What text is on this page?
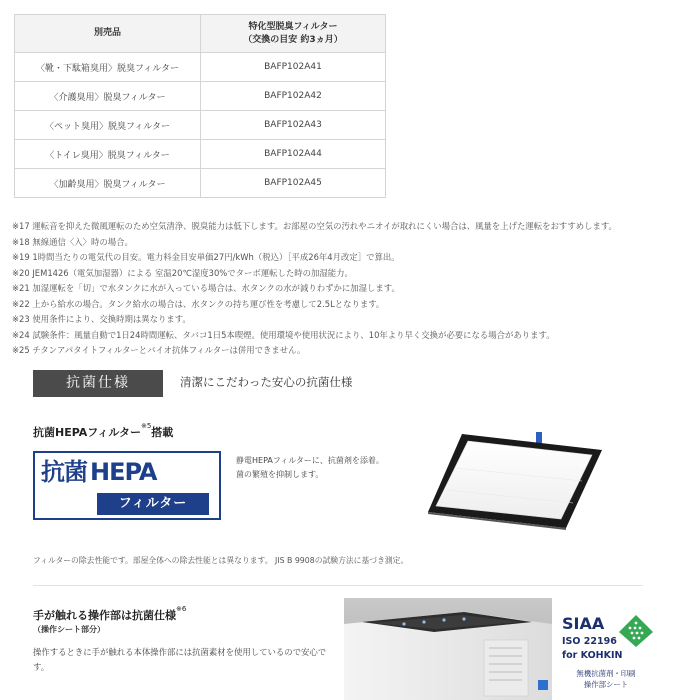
別売品	特化型脱臭フィルター
（交換の目安 約3ヵ月）
〈靴・下駄箱臭用〉脱臭フィルター	BAFP102A41
〈介護臭用〉脱臭フィルター	BAFP102A42
〈ペット臭用〉脱臭フィルター	BAFP102A43
〈トイレ臭用〉脱臭フィルター	BAFP102A44
〈加齢臭用〉脱臭フィルター	BAFP102A45
※17 運転音を抑えた微風運転のため空気清浄、脱臭能力は低下します。お部屋の空気の汚れやニオイが取れにくい場合は、風量を上げた運転をおすすめします。
※18 無線通信〈入〉時の場合。
※19 1時間当たりの電気代の目安。電力料金目安単価27円/kWh（税込）［平成26年4月改定］で算出。
※20 JEM1426（電気加湿器）による 室温20℃湿度30%でターボ運転した時の加湿能力。
※21 加湿運転を「切」で水タンクに水が入っている場合は、水タンクの水が減りわずかに加湿します。
※22 上から給水の場合。タンク給水の場合は、水タンクの持ち運び性を考慮して2.5Lとなります。
※23 使用条件により、交換時期は異なります。
※24 試験条件：風量自動で1日24時間運転、タバコ1日5本喫煙。使用環境や使用状況により、10年より早く交換が必要になる場合があります。
※25 チタンアパタイトフィルターとバイオ抗体フィルターは併用できません。
抗菌仕様	清潔にこだわった安心の抗菌仕様
抗菌HEPAフィルター$^{※5}$搭載
抗菌 HEPA
フィルター
静電HEPAフィルターに、抗菌剤を添着。
菌の繁殖を抑制します。
フィルターの除去性能です。部屋全体への除去性能とは異なります。 JIS B 9908の試験方法に基づき測定。
手が触れる操作部は抗菌仕様$^{※6}$
（操作シート部分）
操作するときに手が触れる本体操作部には抗菌素材を使用しているので安心です。
SIAA
ISO 22196
for KOHKIN
無機抗菌剤・印刷
操作部シート
